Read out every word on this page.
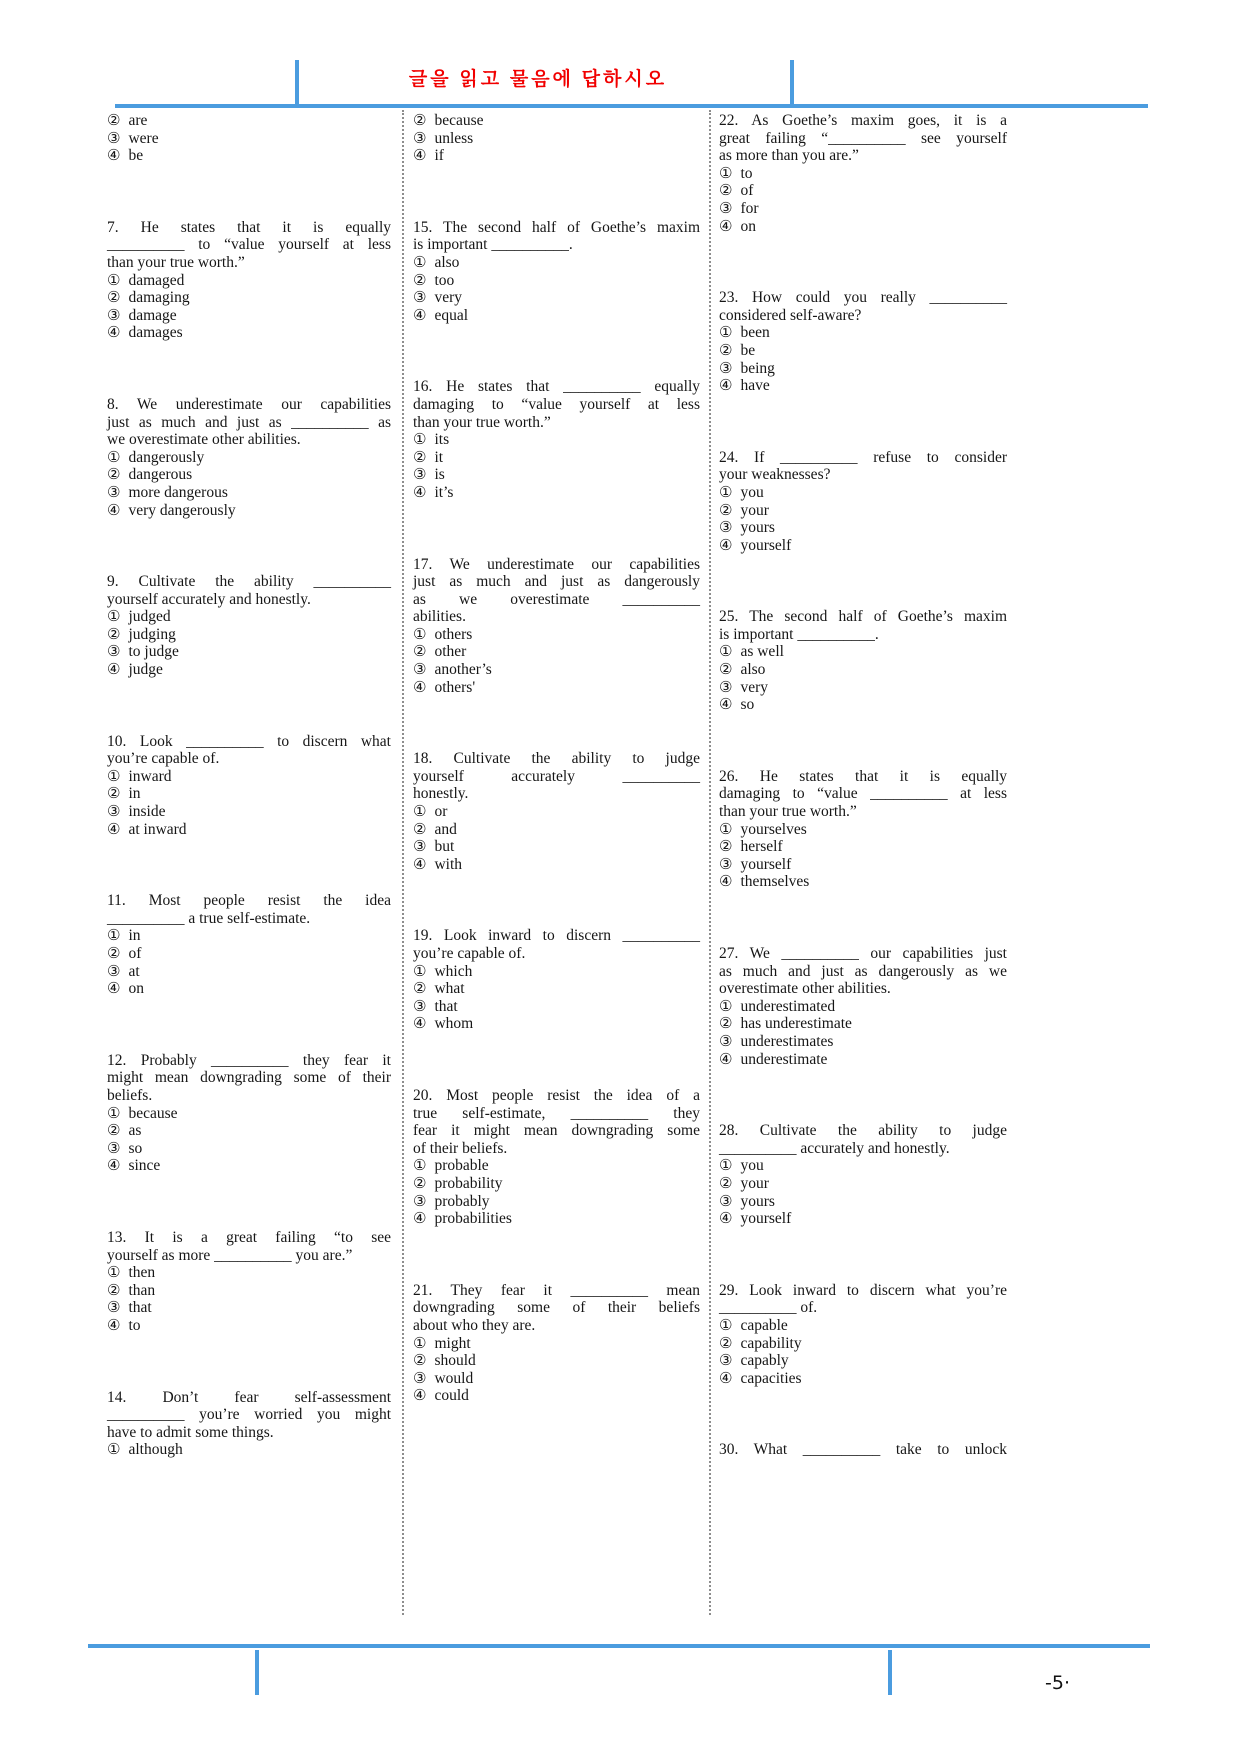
글을 읽고 물음에 답하시오
② are
③ were
④ be
7. He states that it is equally
__________ to “value yourself at less
than your true worth.”
① damaged
② damaging
③ damage
④ damages
8. We underestimate our capabilities
just as much and just as __________ as
we overestimate other abilities.
① dangerously
② dangerous
③ more dangerous
④ very dangerously
9. Cultivate the ability __________
yourself accurately and honestly.
① judged
② judging
③ to judge
④ judge
10. Look __________ to discern what
you’re capable of.
① inward
② in
③ inside
④ at inward
11. Most people resist the idea
__________ a true self-estimate.
① in
② of
③ at
④ on
12. Probably __________ they fear it
might mean downgrading some of their
beliefs.
① because
② as
③ so
④ since
13. It is a great failing “to see
yourself as more __________ you are.”
① then
② than
③ that
④ to
14. Don’t fear self-assessment
__________ you’re worried you might
have to admit some things.
① although
② because
③ unless
④ if
15. The second half of Goethe’s maxim
is important __________.
① also
② too
③ very
④ equal
16. He states that __________ equally
damaging to “value yourself at less
than your true worth.”
① its
② it
③ is
④ it’s
17. We underestimate our capabilities
just as much and just as dangerously
as we overestimate __________
abilities.
① others
② other
③ another’s
④ others'
18. Cultivate the ability to judge
yourself accurately __________
honestly.
① or
② and
③ but
④ with
19. Look inward to discern __________
you’re capable of.
① which
② what
③ that
④ whom
20. Most people resist the idea of a
true self-estimate, __________ they
fear it might mean downgrading some
of their beliefs.
① probable
② probability
③ probably
④ probabilities
21. They fear it __________ mean
downgrading some of their beliefs
about who they are.
① might
② should
③ would
④ could
22. As Goethe’s maxim goes, it is a
great failing “__________ see yourself
as more than you are.”
① to
② of
③ for
④ on
23. How could you really __________
considered self-aware?
① been
② be
③ being
④ have
24. If __________ refuse to consider
your weaknesses?
① you
② your
③ yours
④ yourself
25. The second half of Goethe’s maxim
is important __________.
① as well
② also
③ very
④ so
26. He states that it is equally
damaging to “value __________ at less
than your true worth.”
① yourselves
② herself
③ yourself
④ themselves
27. We __________ our capabilities just
as much and just as dangerously as we
overestimate other abilities.
① underestimated
② has underestimate
③ underestimates
④ underestimate
28. Cultivate the ability to judge
__________ accurately and honestly.
① you
② your
③ yours
④ yourself
29. Look inward to discern what you’re
__________ of.
① capable
② capability
③ capably
④ capacities
30. What __________ take to unlock
-5·
